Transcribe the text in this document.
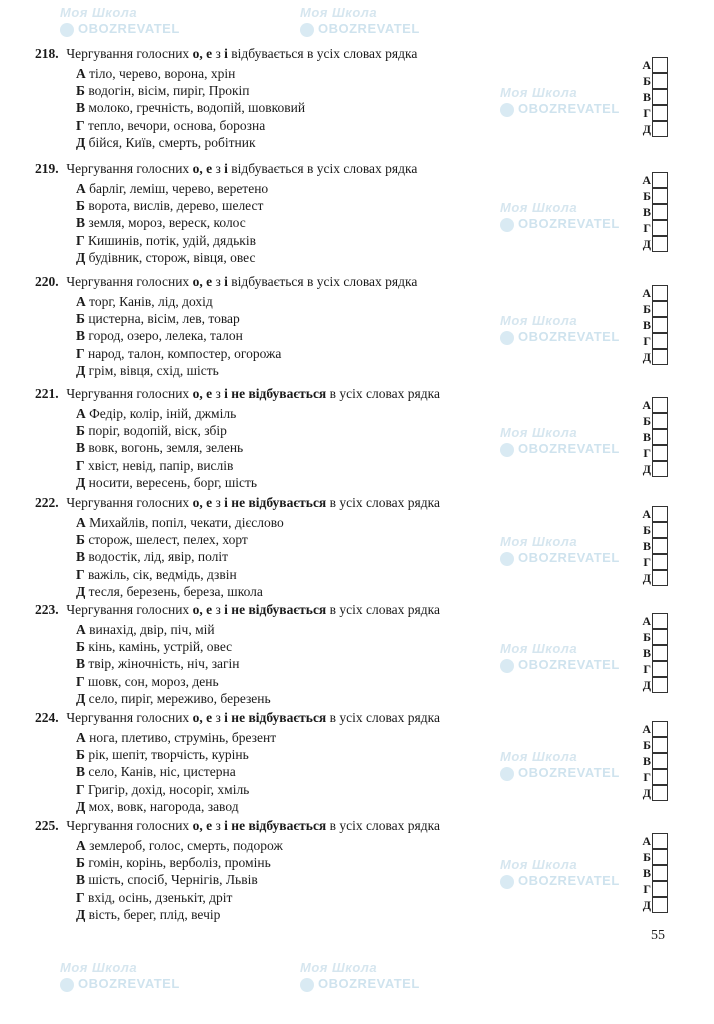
Моя Школа
OBOZREVATEL
Моя Школа
OBOZREVATEL
Моя Школа
OBOZREVATEL
Моя Школа
OBOZREVATEL
Моя Школа
OBOZREVATEL
Моя Школа
OBOZREVATEL
Моя Школа
OBOZREVATEL
Моя Школа
OBOZREVATEL
Моя Школа
OBOZREVATEL
Моя Школа
OBOZREVATEL
Моя Школа
OBOZREVATEL
Моя Школа
OBOZREVATEL
218. Чергування голосних о, е з і відбувається в усіх словах рядка
А тіло, черево, ворона, хрін
Б водогін, вісім, пиріг, Прокіп
В молоко, гречність, водопій, шовковий
Г тепло, вечори, основа, борозна
Д бійся, Київ, смерть, робітник
А
Б
В
Г
Д
219. Чергування голосних о, е з і відбувається в усіх словах рядка
А барліг, леміш, черево, веретено
Б ворота, вислів, дерево, шелест
В земля, мороз, вереск, колос
Г Кишинів, потік, удій, дядьків
Д будівник, сторож, вівця, овес
А
Б
В
Г
Д
220. Чергування голосних о, е з і відбувається в усіх словах рядка
А торг, Канів, лід, дохід
Б цистерна, вісім, лев, товар
В город, озеро, лелека, талон
Г народ, талон, компостер, огорожа
Д грім, вівця, схід, шість
А
Б
В
Г
Д
221. Чергування голосних о, е з і не відбувається в усіх словах рядка
А Федір, колір, іній, джміль
Б поріг, водопій, віск, збір
В вовк, вогонь, земля, зелень
Г хвіст, невід, папір, вислів
Д носити, вересень, борг, шість
А
Б
В
Г
Д
222. Чергування голосних о, е з і не відбувається в усіх словах рядка
А Михайлів, попіл, чекати, дієслово
Б сторож, шелест, пелех, хорт
В водостік, лід, явір, політ
Г важіль, сік, ведмідь, дзвін
Д тесля, березень, береза, школа
А
Б
В
Г
Д
223. Чергування голосних о, е з і не відбувається в усіх словах рядка
А винахід, двір, піч, мій
Б кінь, камінь, устрій, овес
В твір, жіночність, ніч, загін
Г шовк, сон, мороз, день
Д село, пиріг, мереживо, березень
А
Б
В
Г
Д
224. Чергування голосних о, е з і не відбувається в усіх словах рядка
А нога, плетиво, струмінь, брезент
Б рік, шепіт, творчість, курінь
В село, Канів, ніс, цистерна
Г Григір, дохід, носоріг, хміль
Д мох, вовк, нагорода, завод
А
Б
В
Г
Д
225. Чергування голосних о, е з і не відбувається в усіх словах рядка
А землероб, голос, смерть, подорож
Б гомін, корінь, верболіз, промінь
В шість, спосіб, Чернігів, Львів
Г вхід, осінь, дзенькіт, дріт
Д вість, берег, плід, вечір
А
Б
В
Г
Д
55
